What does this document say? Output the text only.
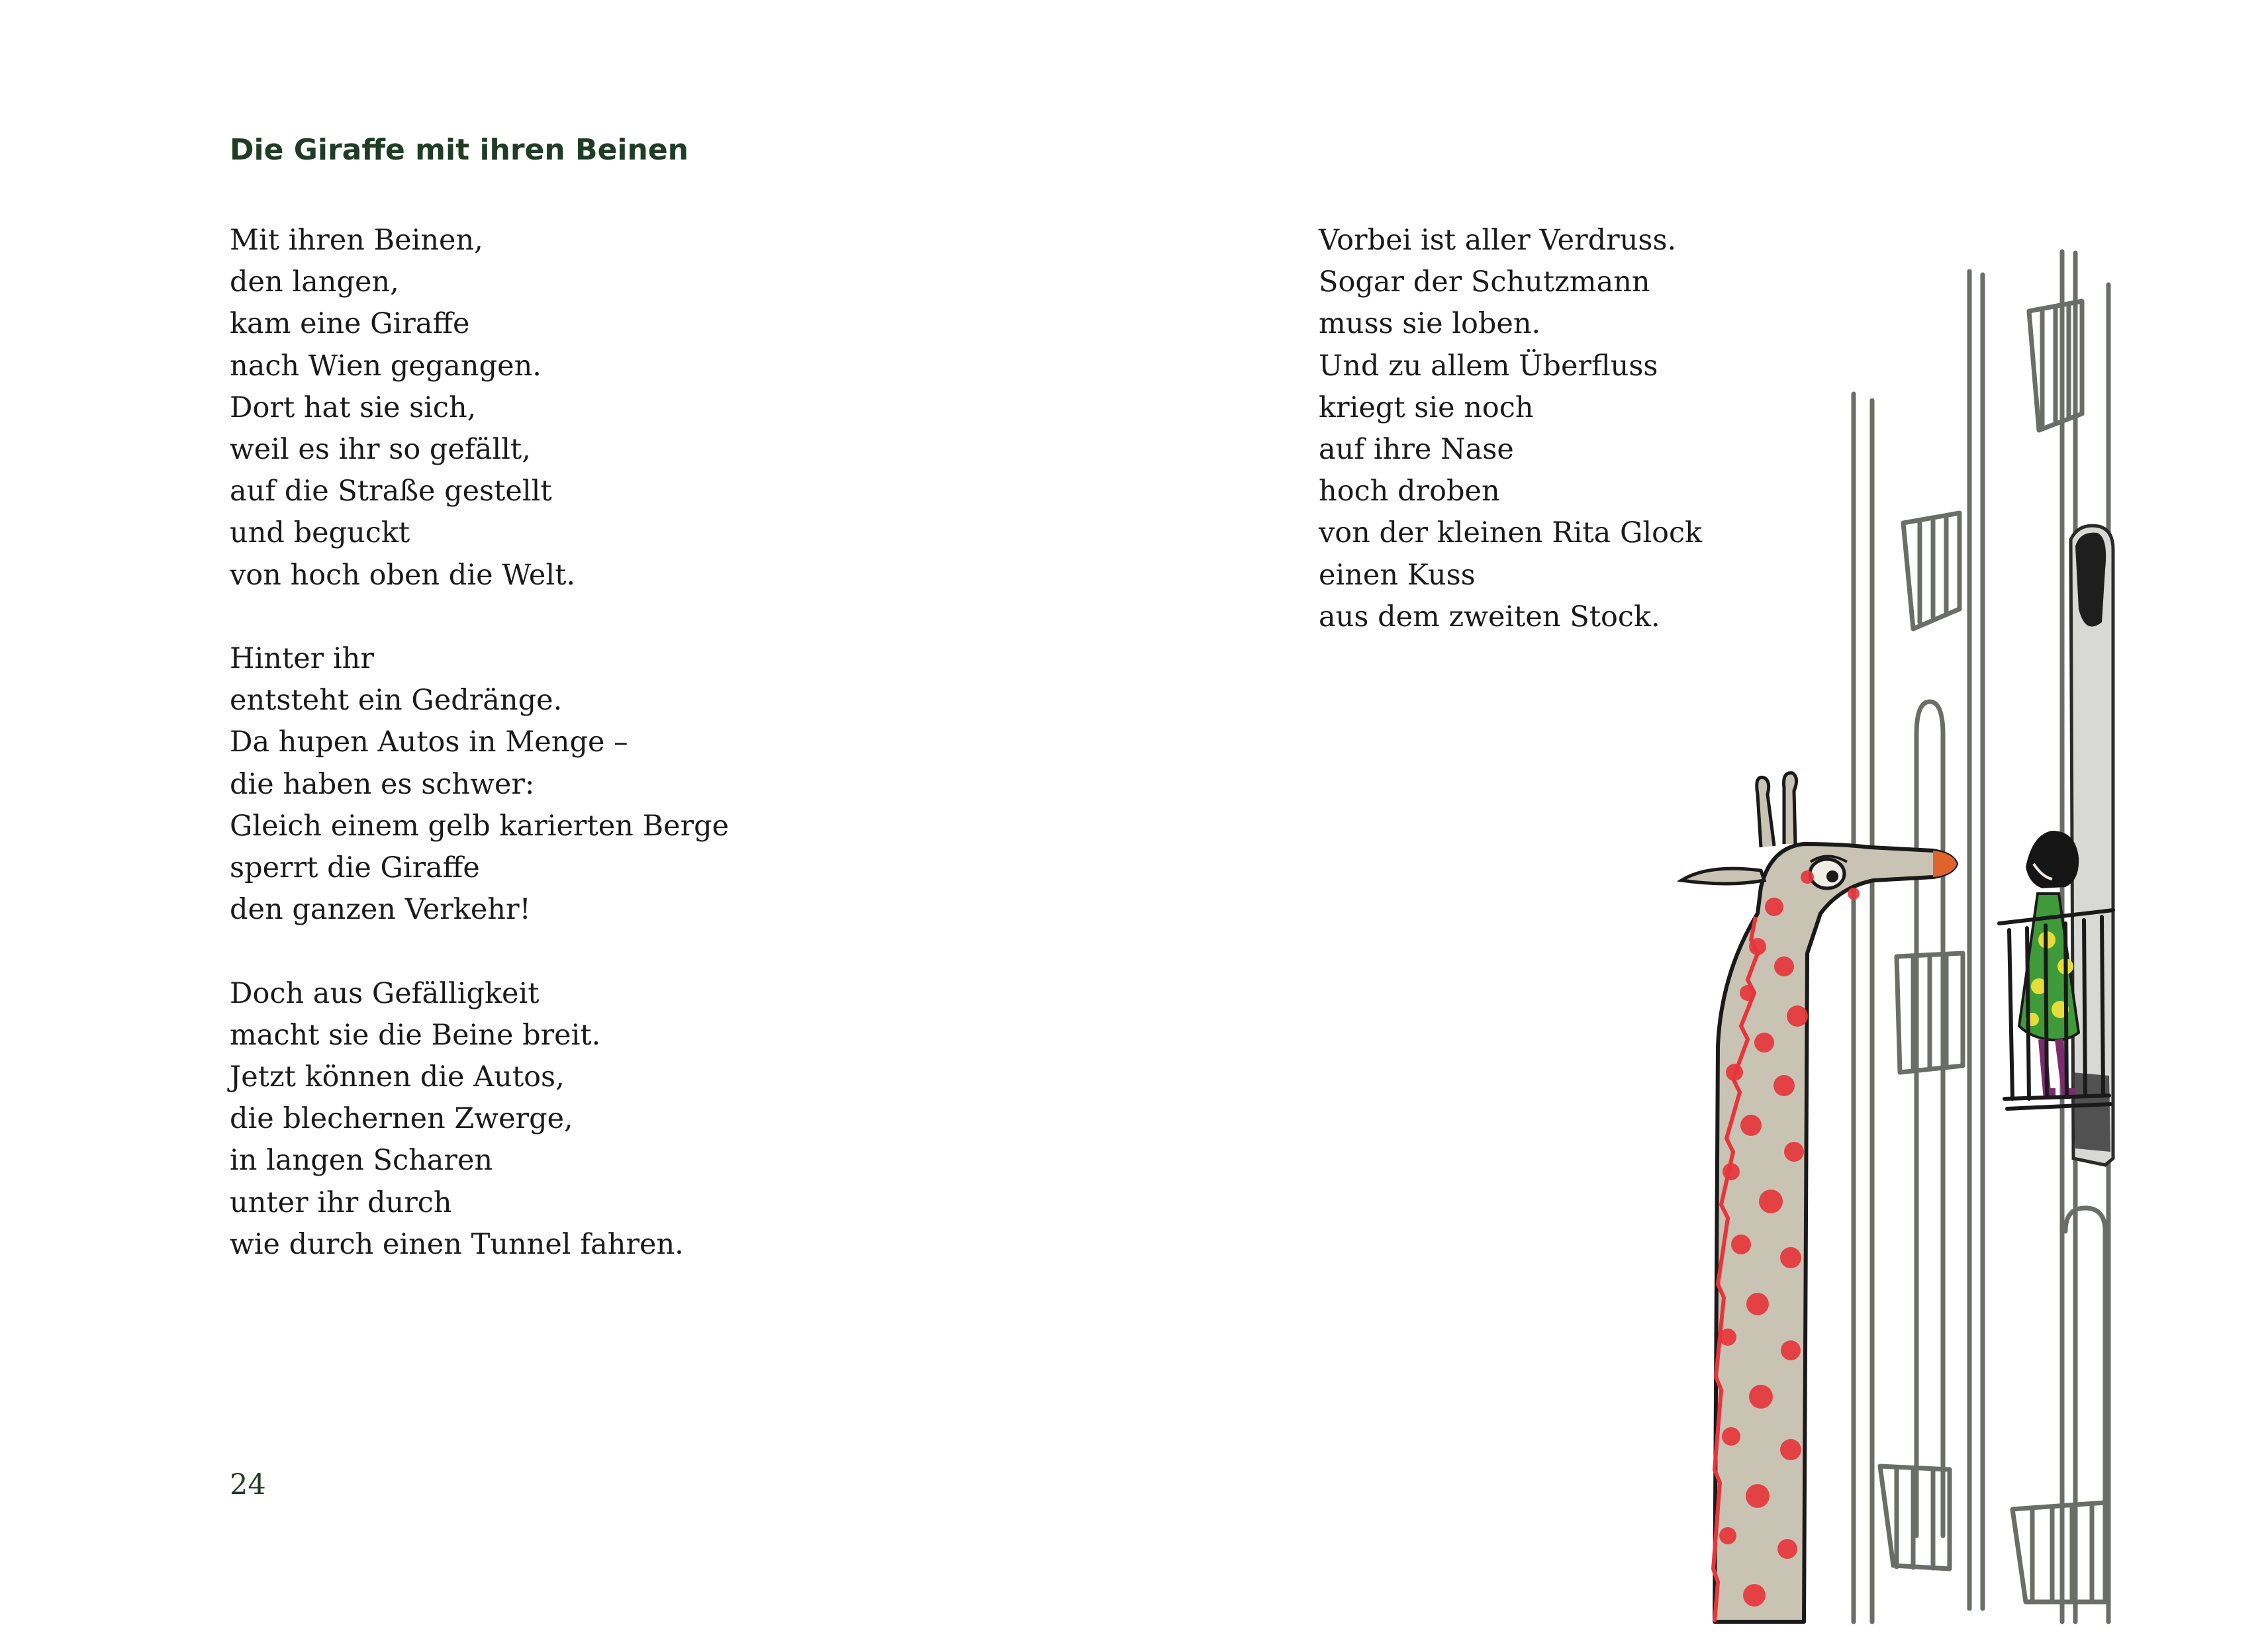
Die Giraffe mit ihren Beinen

Mit ihren Beinen,
den langen,
kam eine Giraffe
nach Wien gegangen.
Dort hat sie sich,
weil es ihr so gefällt,
auf die Straße gestellt
und beguckt
von hoch oben die Welt.

Hinter ihr
entsteht ein Gedränge.
Da hupen Autos in Menge –
die haben es schwer:
Gleich einem gelb karierten Berge
sperrt die Giraffe
den ganzen Verkehr!

Doch aus Gefälligkeit
macht sie die Beine breit.
Jetzt können die Autos,
die blechernen Zwerge,
in langen Scharen
unter ihr durch
wie durch einen Tunnel fahren.

Vorbei ist aller Verdruss.
Sogar der Schutzmann
muss sie loben.
Und zu allem Überfluss
kriegt sie noch
auf ihre Nase
hoch droben
von der kleinen Rita Glock
einen Kuss
aus dem zweiten Stock.

24
